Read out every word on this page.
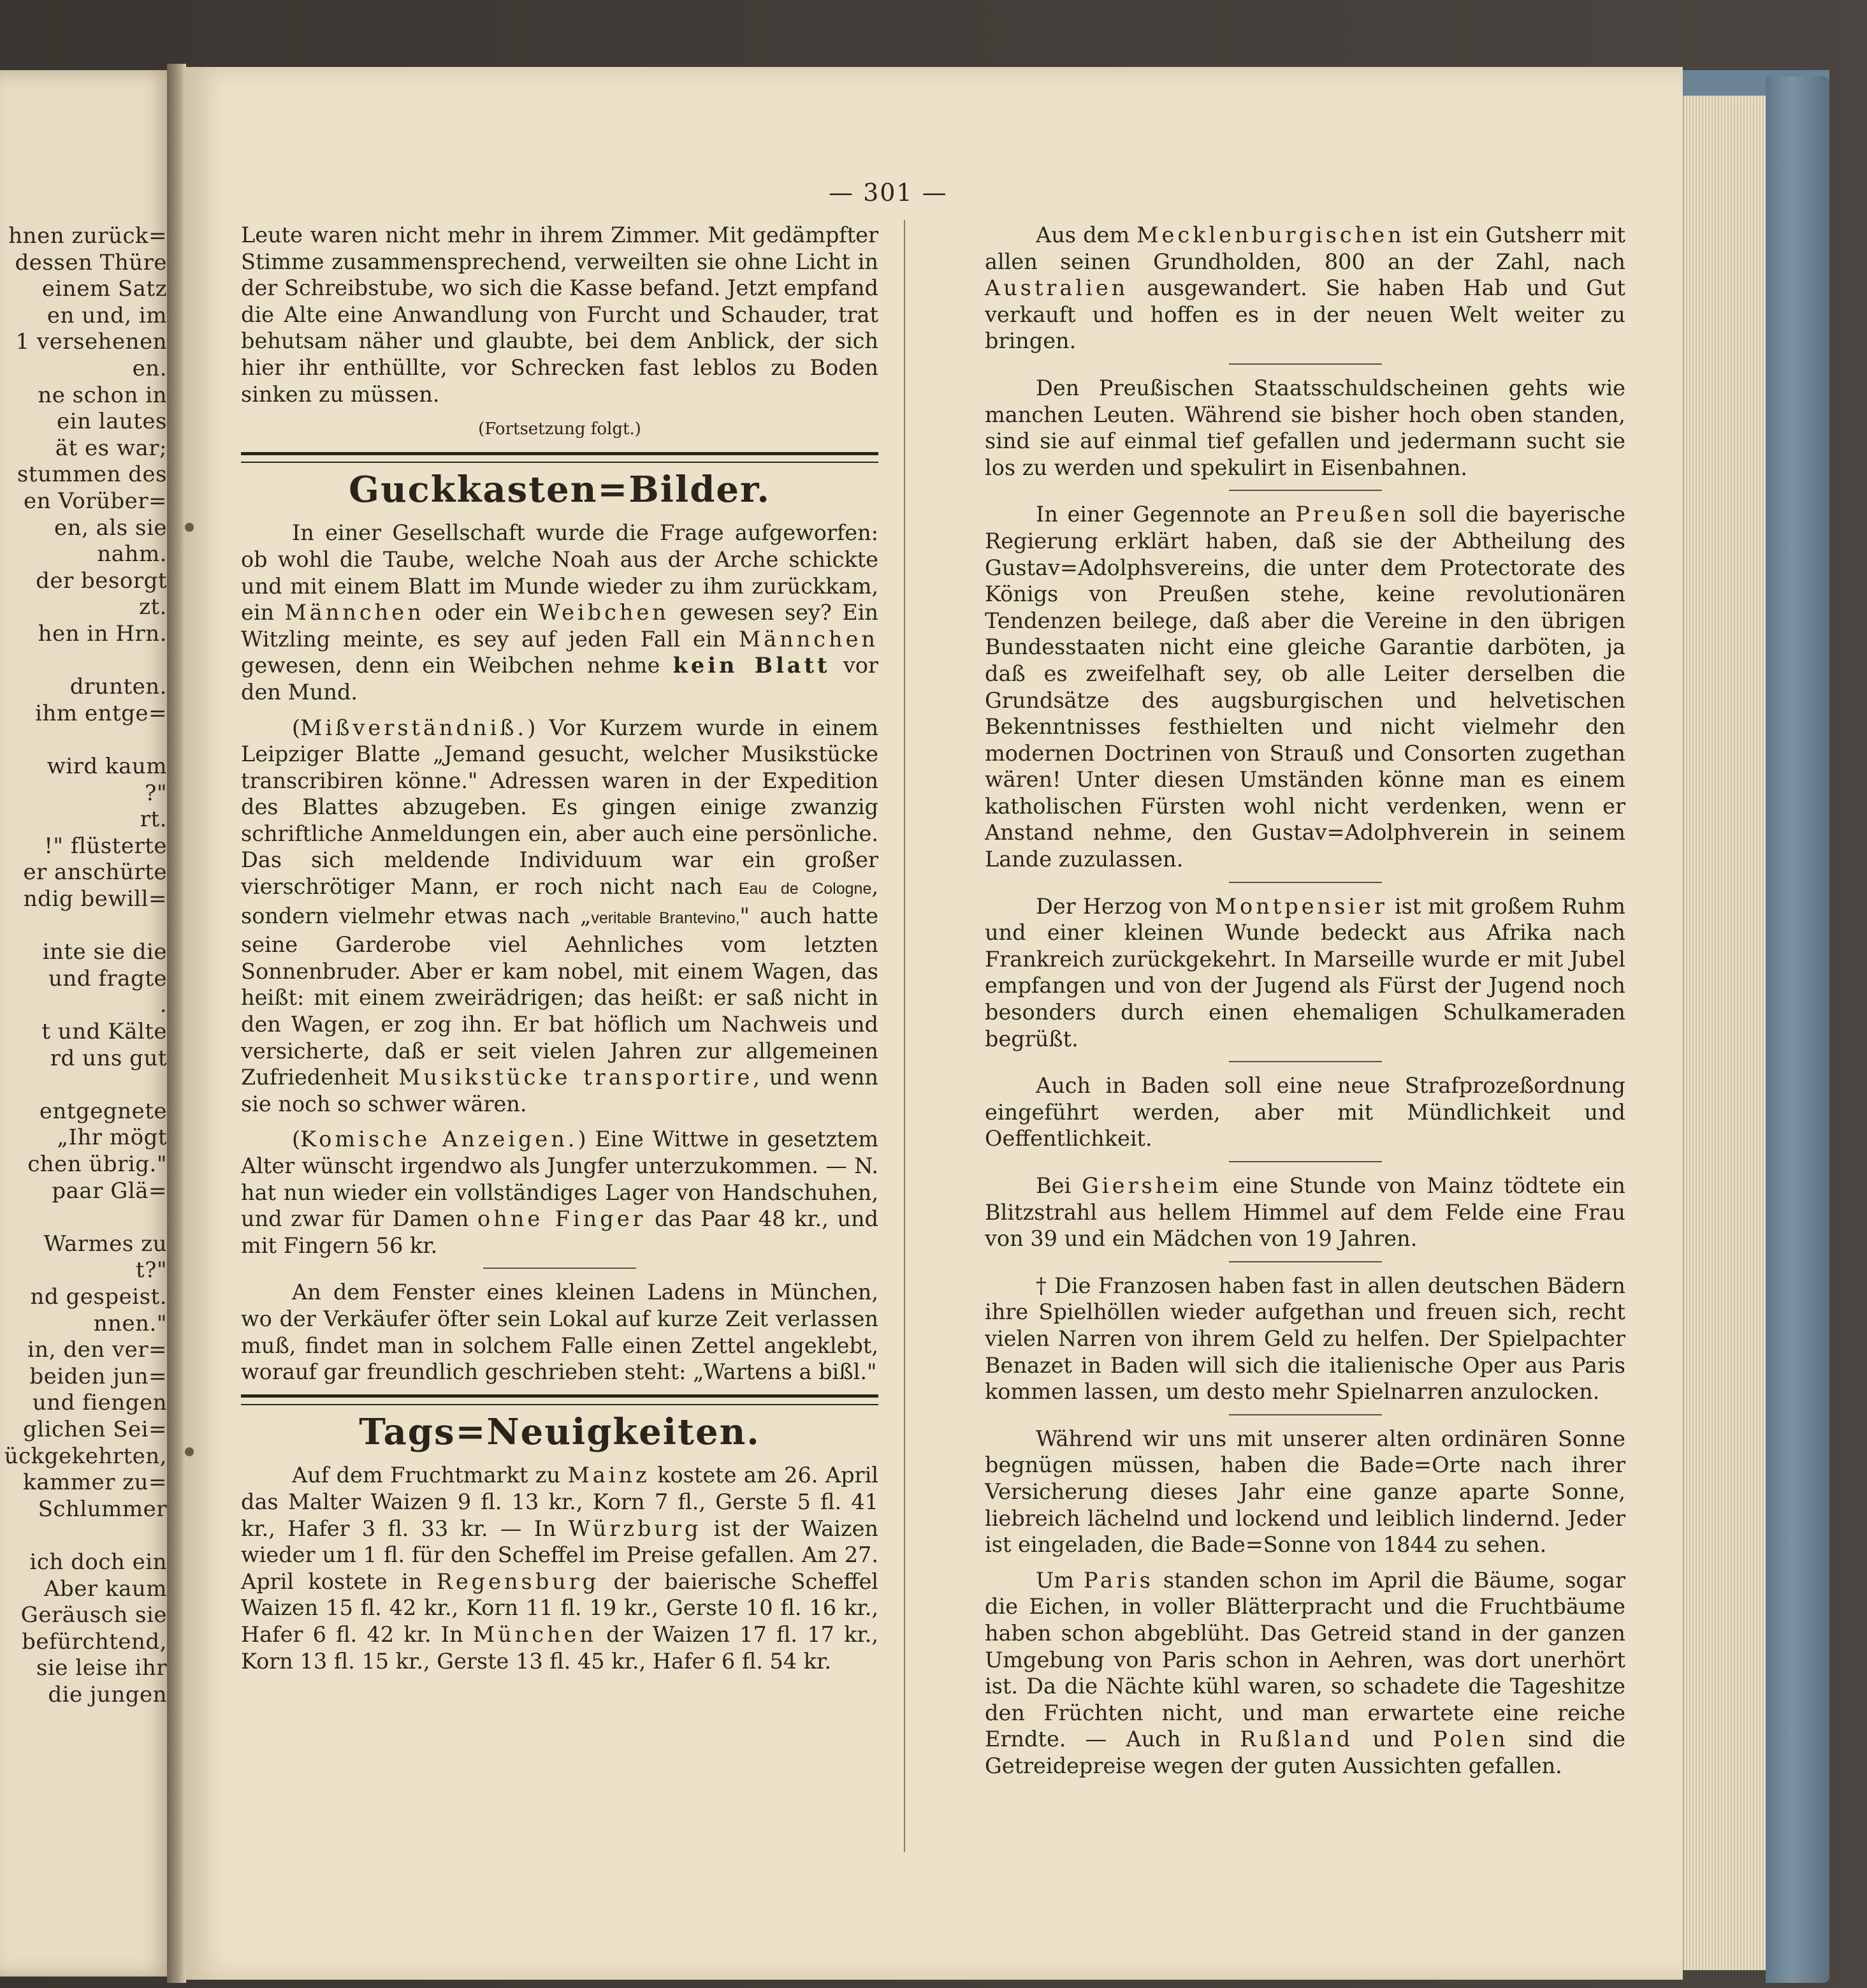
hnen zurück=
dessen Thüre
einem Satz
en und, im
1 versehenen
en.
ne schon in
ein lautes
ät es war;
stummen des
en Vorüber=
en, als sie
nahm.
der besorgt
zt.
hen in Hrn.
drunten.
ihm entge=
wird kaum
?"
rt.
!" flüsterte
er anschürte
ndig bewill=
inte sie die
und fragte
.
t und Kälte
rd uns gut
entgegnete
„Ihr mögt
chen übrig."
paar Glä=
Warmes zu
t?"
nd gespeist.
nnen."
in, den ver=
beiden jun=
und fiengen
glichen Sei=
ückgekehrten,
kammer zu=
Schlummer
ich doch ein
Aber kaum
Geräusch sie
befürchtend,
sie leise ihr
die jungen
— 301 —

Leute waren nicht mehr in ihrem Zimmer. Mit gedämpfter Stimme zusammensprechend, verweilten sie ohne Licht in der Schreibstube, wo sich die Kasse befand. Jetzt empfand die Alte eine Anwandlung von Furcht und Schauder, trat behutsam näher und glaubte, bei dem Anblick, der sich hier ihr enthüllte, vor Schrecken fast leblos zu Boden sinken zu müssen.

(Fortsetzung folgt.)

Guckkasten=Bilder.

In einer Gesellschaft wurde die Frage aufgeworfen: ob wohl die Taube, welche Noah aus der Arche schickte und mit einem Blatt im Munde wieder zu ihm zurückkam, ein Männchen oder ein Weibchen gewesen sey? Ein Witzling meinte, es sey auf jeden Fall ein Männchen gewesen, denn ein Weibchen nehme kein Blatt vor den Mund.

(Mißverständniß.) Vor Kurzem wurde in einem Leipziger Blatte „Jemand gesucht, welcher Musikstücke transcribiren könne." Adressen waren in der Expedition des Blattes abzugeben. Es gingen einige zwanzig schriftliche Anmeldungen ein, aber auch eine persönliche. Das sich meldende Individuum war ein großer vierschrötiger Mann, er roch nicht nach Eau de Cologne, sondern vielmehr etwas nach „veritable Brantevino," auch hatte seine Garderobe viel Aehnliches vom letzten Sonnenbruder. Aber er kam nobel, mit einem Wagen, das heißt: mit einem zweirädrigen; das heißt: er saß nicht in den Wagen, er zog ihn. Er bat höflich um Nachweis und versicherte, daß er seit vielen Jahren zur allgemeinen Zufriedenheit Musikstücke transportire, und wenn sie noch so schwer wären.

(Komische Anzeigen.) Eine Wittwe in gesetztem Alter wünscht irgendwo als Jungfer unterzukommen. — N. hat nun wieder ein vollständiges Lager von Handschuhen, und zwar für Damen ohne Finger das Paar 48 kr., und mit Fingern 56 kr.

An dem Fenster eines kleinen Ladens in München, wo der Verkäufer öfter sein Lokal auf kurze Zeit verlassen muß, findet man in solchem Falle einen Zettel angeklebt, worauf gar freundlich geschrieben steht: „Wartens a bißl."

Tags=Neuigkeiten.

Auf dem Fruchtmarkt zu Mainz kostete am 26. April das Malter Waizen 9 fl. 13 kr., Korn 7 fl., Gerste 5 fl. 41 kr., Hafer 3 fl. 33 kr. — In Würzburg ist der Waizen wieder um 1 fl. für den Scheffel im Preise gefallen. Am 27. April kostete in Regensburg der baierische Scheffel Waizen 15 fl. 42 kr., Korn 11 fl. 19 kr., Gerste 10 fl. 16 kr., Hafer 6 fl. 42 kr. In München der Waizen 17 fl. 17 kr., Korn 13 fl. 15 kr., Gerste 13 fl. 45 kr., Hafer 6 fl. 54 kr.

Aus dem Mecklenburgischen ist ein Gutsherr mit allen seinen Grundholden, 800 an der Zahl, nach Australien ausgewandert. Sie haben Hab und Gut verkauft und hoffen es in der neuen Welt weiter zu bringen.

Den Preußischen Staatsschuldscheinen gehts wie manchen Leuten. Während sie bisher hoch oben standen, sind sie auf einmal tief gefallen und jedermann sucht sie los zu werden und spekulirt in Eisenbahnen.

In einer Gegennote an Preußen soll die bayerische Regierung erklärt haben, daß sie der Abtheilung des Gustav=Adolphsvereins, die unter dem Protectorate des Königs von Preußen stehe, keine revolutionären Tendenzen beilege, daß aber die Vereine in den übrigen Bundesstaaten nicht eine gleiche Garantie darböten, ja daß es zweifelhaft sey, ob alle Leiter derselben die Grundsätze des augsburgischen und helvetischen Bekenntnisses festhielten und nicht vielmehr den modernen Doctrinen von Strauß und Consorten zugethan wären! Unter diesen Umständen könne man es einem katholischen Fürsten wohl nicht verdenken, wenn er Anstand nehme, den Gustav=Adolphverein in seinem Lande zuzulassen.

Der Herzog von Montpensier ist mit großem Ruhm und einer kleinen Wunde bedeckt aus Afrika nach Frankreich zurückgekehrt. In Marseille wurde er mit Jubel empfangen und von der Jugend als Fürst der Jugend noch besonders durch einen ehemaligen Schulkameraden begrüßt.

Auch in Baden soll eine neue Strafprozeßordnung eingeführt werden, aber mit Mündlichkeit und Oeffentlichkeit.

Bei Giersheim eine Stunde von Mainz tödtete ein Blitzstrahl aus hellem Himmel auf dem Felde eine Frau von 39 und ein Mädchen von 19 Jahren.

† Die Franzosen haben fast in allen deutschen Bädern ihre Spielhöllen wieder aufgethan und freuen sich, recht vielen Narren von ihrem Geld zu helfen. Der Spielpachter Benazet in Baden will sich die italienische Oper aus Paris kommen lassen, um desto mehr Spielnarren anzulocken.

Während wir uns mit unserer alten ordinären Sonne begnügen müssen, haben die Bade=Orte nach ihrer Versicherung dieses Jahr eine ganze aparte Sonne, liebreich lächelnd und lockend und leiblich lindernd. Jeder ist eingeladen, die Bade=Sonne von 1844 zu sehen.

Um Paris standen schon im April die Bäume, sogar die Eichen, in voller Blätterpracht und die Fruchtbäume haben schon abgeblüht. Das Getreid stand in der ganzen Umgebung von Paris schon in Aehren, was dort unerhört ist. Da die Nächte kühl waren, so schadete die Tageshitze den Früchten nicht, und man erwartete eine reiche Erndte. — Auch in Rußland und Polen sind die Getreidepreise wegen der guten Aussichten gefallen.
